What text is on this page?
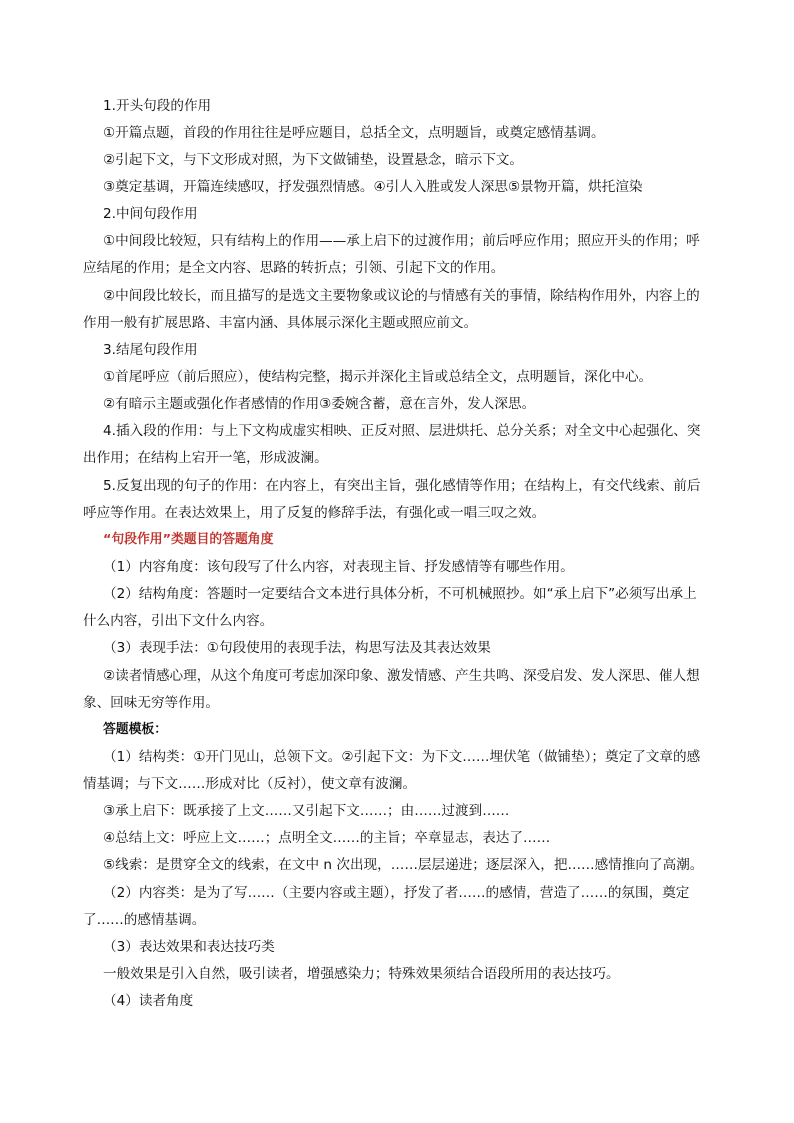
1.开头句段的作用
①开篇点题，首段的作用往往是呼应题目，总括全文，点明题旨，或奠定感情基调。
②引起下文，与下文形成对照，为下文做铺垫，设置悬念，暗示下文。
③奠定基调，开篇连续感叹，抒发强烈情感。④引人入胜或发人深思⑤景物开篇，烘托渲染
2.中间句段作用
①中间段比较短，只有结构上的作用——承上启下的过渡作用；前后呼应作用；照应开头的作用；呼
应结尾的作用；是全文内容、思路的转折点；引领、引起下文的作用。
②中间段比较长，而且描写的是选文主要物象或议论的与情感有关的事情，除结构作用外，内容上的
作用一般有扩展思路、丰富内涵、具体展示深化主题或照应前文。
3.结尾句段作用
①首尾呼应（前后照应），使结构完整，揭示并深化主旨或总结全文，点明题旨，深化中心。
②有暗示主题或强化作者感情的作用③委婉含蓄，意在言外，发人深思。
4.插入段的作用：与上下文构成虚实相映、正反对照、层进烘托、总分关系；对全文中心起强化、突
出作用；在结构上宕开一笔，形成波澜。
5.反复出现的句子的作用：在内容上，有突出主旨，强化感情等作用；在结构上，有交代线索、前后
呼应等作用。在表达效果上，用了反复的修辞手法，有强化或一唱三叹之效。
“句段作用”类题目的答题角度
（1）内容角度：该句段写了什么内容，对表现主旨、抒发感情等有哪些作用。
（2）结构角度：答题时一定要结合文本进行具体分析，不可机械照抄。如“承上启下”必须写出承上
什么内容，引出下文什么内容。
（3）表现手法：①句段使用的表现手法，构思写法及其表达效果
②读者情感心理，从这个角度可考虑加深印象、激发情感、产生共鸣、深受启发、发人深思、催人想
象、回味无穷等作用。
答题模板：
（1）结构类：①开门见山，总领下文。②引起下文：为下文……埋伏笔（做铺垫）；奠定了文章的感
情基调；与下文……形成对比（反衬），使文章有波澜。
③承上启下：既承接了上文……又引起下文……；由……过渡到……
④总结上文：呼应上文……；点明全文……的主旨；卒章显志，表达了……
⑤线索：是贯穿全文的线索，在文中 n 次出现，……层层递进；逐层深入，把……感情推向了高潮。
（2）内容类：是为了写……（主要内容或主题），抒发了者……的感情，营造了……的氛围，奠定
了……的感情基调。
（3）表达效果和表达技巧类
一般效果是引入自然，吸引读者，增强感染力；特殊效果须结合语段所用的表达技巧。
（4）读者角度
